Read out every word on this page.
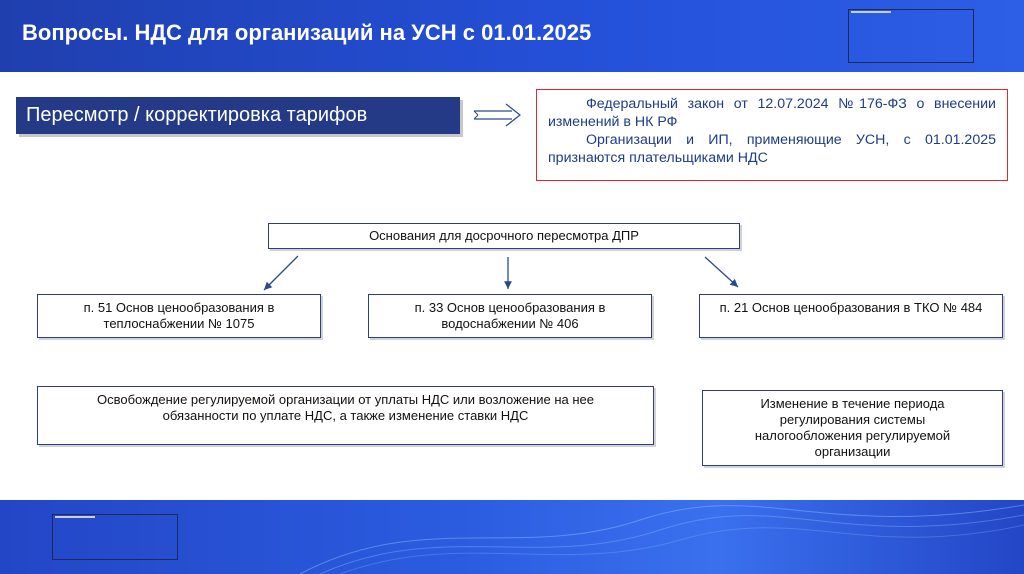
Вопросы. НДС для организаций на УСН с 01.01.2025
Пересмотр / корректировка тарифов	Федеральный закон от 12.07.2024 №176-ФЗ о внесении изменений в НК РФ

Организации и ИП, применяющие УСН, с 01.01.2025 признаются плательщиками НДС

Основания для досрочного пересмотра ДПР
п. 51 Основ ценообразования в теплоснабжении № 1075
п. 33 Основ ценообразования в водоснабжении № 406
п. 21 Основ ценообразования в ТКО № 484
Освобождение регулируемой организации от уплаты НДС или возложение на нее обязанности по уплате НДС, а также изменение ставки НДС
Изменение в течение периода регулирования системы налогообложения регулируемой организации
